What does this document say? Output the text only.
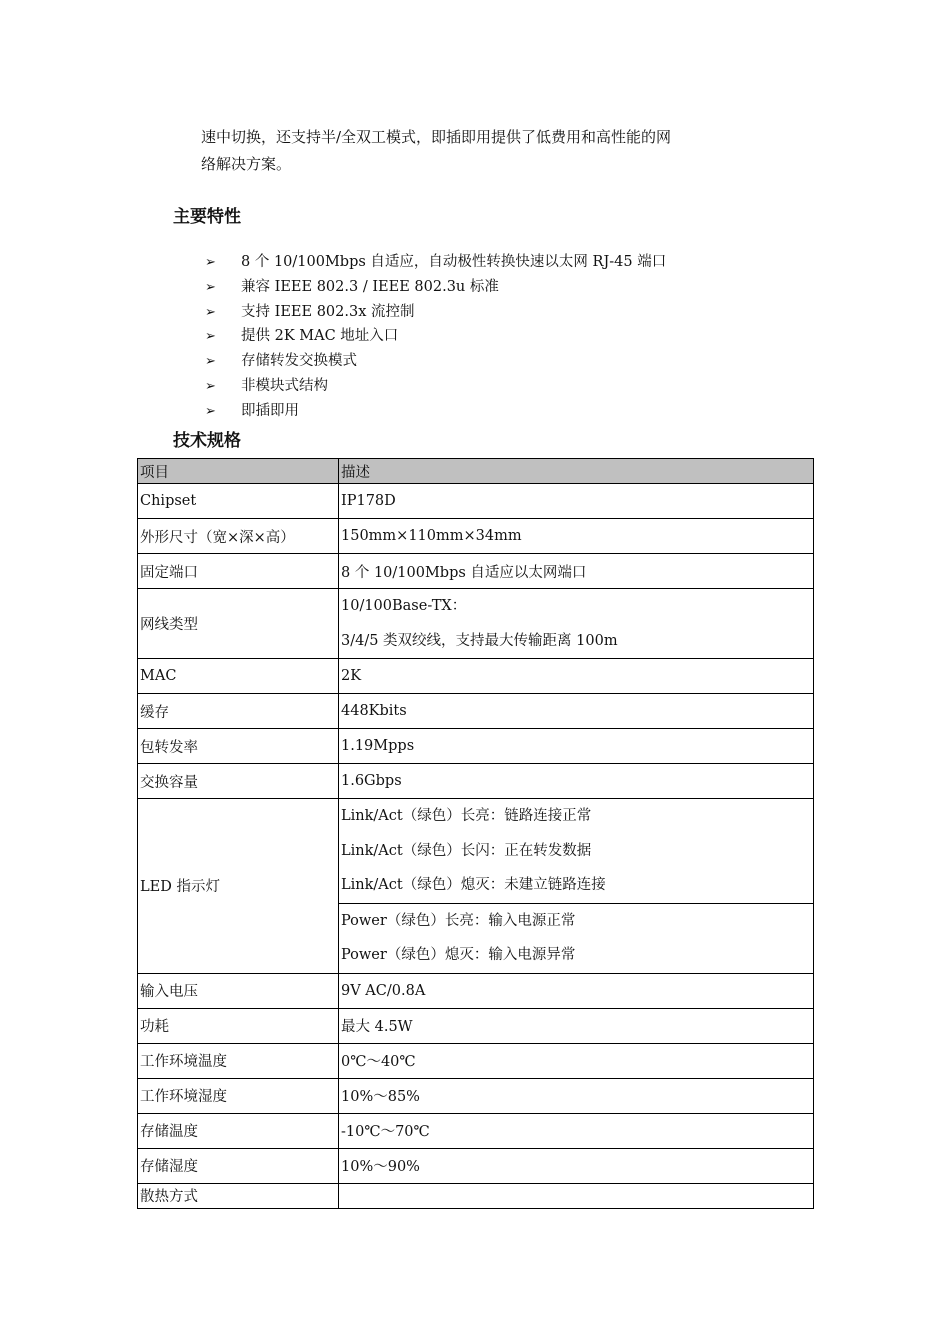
速中切换，还支持半/全双工模式，即插即用提供了低费用和高性能的网

络解决方案。

主要特性
➢ 8 个 10/100Mbps 自适应，自动极性转换快速以太网 RJ-45 端口
➢ 兼容 IEEE 802.3 / IEEE 802.3u 标准
➢ 支持 IEEE 802.3x 流控制
➢ 提供 2K MAC 地址入口
➢ 存储转发交换模式
➢ 非模块式结构
➢ 即插即用
技术规格
项目	描述
Chipset	IP178D
外形尺寸（宽×深×高）	150mm×110mm×34mm
固定端口	8 个 10/100Mbps 自适应以太网端口
网线类型	10/100Base-TX：
3/4/5 类双绞线，支持最大传输距离 100m

MAC	2K
缓存	448Kbits
包转发率	1.19Mpps
交换容量	1.6Gbps
LED 指示灯	Link/Act（绿色）长亮：链路连接正常
Link/Act（绿色）长闪：正在转发数据
Link/Act（绿色）熄灭：未建立链路连接

	Power（绿色）长亮：输入电源正常
Power（绿色）熄灭：输入电源异常

输入电压	9V AC/0.8A
功耗	最大 4.5W
工作环境温度	0℃～40℃
工作环境湿度	10%～85%
存储温度	-10℃～70℃
存储湿度	10%～90%
散热方式	
